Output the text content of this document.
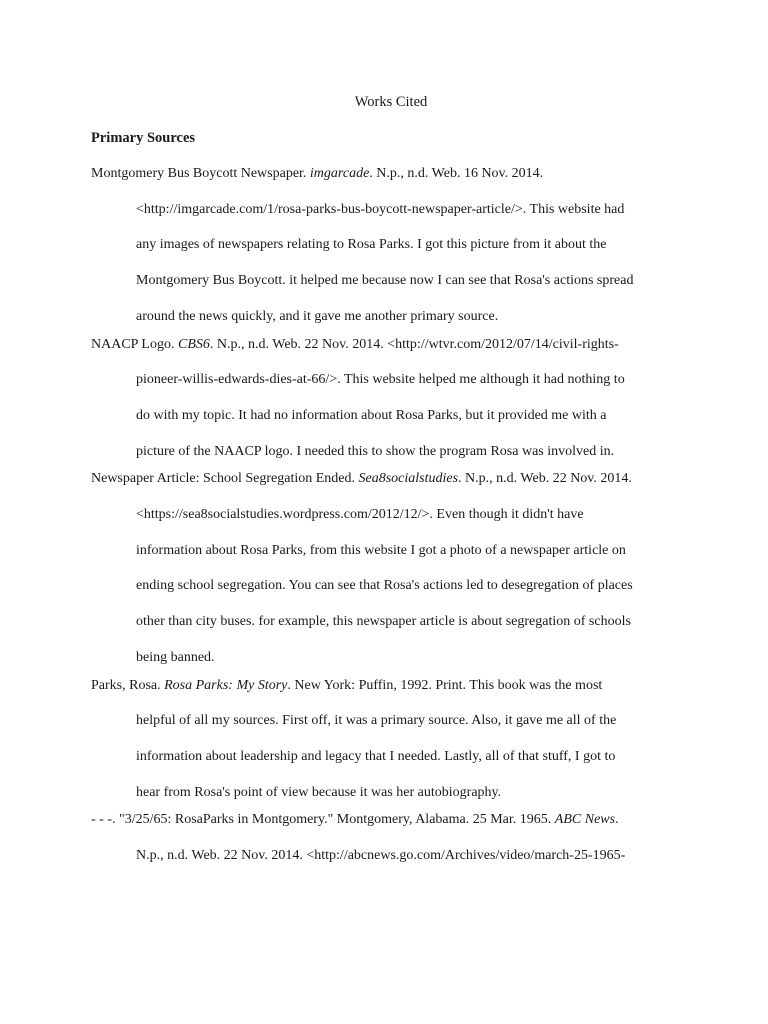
Works Cited
Primary Sources
Montgomery Bus Boycott Newspaper. imgarcade. N.p., n.d. Web. 16 Nov. 2014.
<http://imgarcade.com/1/rosa-parks-bus-boycott-newspaper-article/>. This website had
any images of newspapers relating to Rosa Parks. I got this picture from it about the
Montgomery Bus Boycott. it helped me because now I can see that Rosa's actions spread
around the news quickly, and it gave me another primary source.
NAACP Logo. CBS6. N.p., n.d. Web. 22 Nov. 2014. <http://wtvr.com/2012/07/14/civil-rights-
pioneer-willis-edwards-dies-at-66/>. This website helped me although it had nothing to
do with my topic. It had no information about Rosa Parks, but it provided me with a
picture of the NAACP logo. I needed this to show the program Rosa was involved in.
Newspaper Article: School Segregation Ended. Sea8socialstudies. N.p., n.d. Web. 22 Nov. 2014.
<https://sea8socialstudies.wordpress.com/2012/12/>. Even though it didn't have
information about Rosa Parks, from this website I got a photo of a newspaper article on
ending school segregation. You can see that Rosa's actions led to desegregation of places
other than city buses. for example, this newspaper article is about segregation of schools
being banned.
Parks, Rosa. Rosa Parks: My Story. New York: Puffin, 1992. Print. This book was the most
helpful of all my sources. First off, it was a primary source. Also, it gave me all of the
information about leadership and legacy that I needed. Lastly, all of that stuff, I got to
hear from Rosa's point of view because it was her autobiography.
- - -. "3/25/65: RosaParks in Montgomery." Montgomery, Alabama. 25 Mar. 1965. ABC News.
N.p., n.d. Web. 22 Nov. 2014. <http://abcnews.go.com/Archives/video/march-25-1965-
